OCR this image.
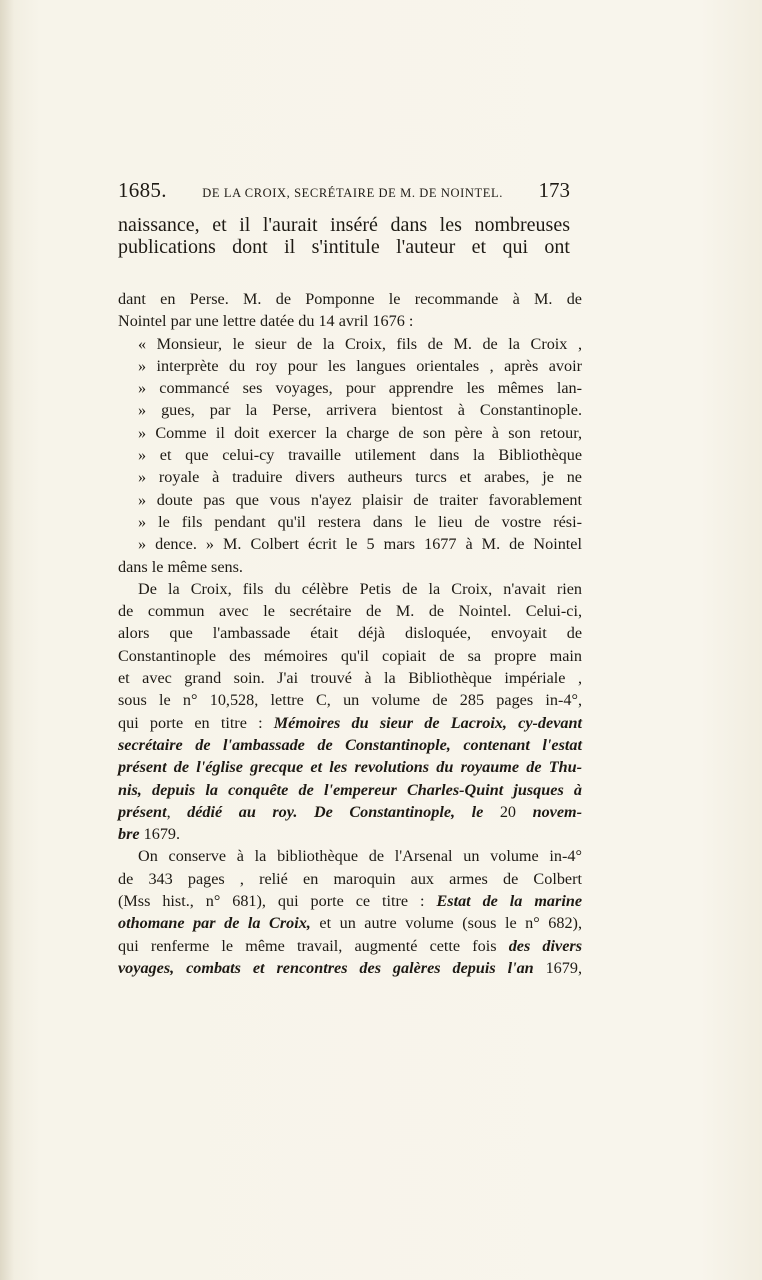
1685.	DE LA CROIX, SECRÉTAIRE DE M. DE NOINTEL. 173
naissance, et il l'aurait inséré dans les nombreuses
publications dont il s'intitule l'auteur et qui ont
dant en Perse. M. de Pomponne le recommande à M. de
Nointel par une lettre datée du 14 avril 1676 :
« Monsieur, le sieur de la Croix, fils de M. de la Croix ,
» interprète du roy pour les langues orientales , après avoir
» commancé ses voyages, pour apprendre les mêmes lan-
» gues, par la Perse, arrivera bientost à Constantinople.
» Comme il doit exercer la charge de son père à son retour,
» et que celui-cy travaille utilement dans la Bibliothèque
» royale à traduire divers autheurs turcs et arabes, je ne
» doute pas que vous n'ayez plaisir de traiter favorablement
» le fils pendant qu'il restera dans le lieu de vostre rési-
» dence. » M. Colbert écrit le 5 mars 1677 à M. de Nointel
dans le même sens.
De la Croix, fils du célèbre Petis de la Croix, n'avait rien
de commun avec le secrétaire de M. de Nointel. Celui-ci,
alors que l'ambassade était déjà disloquée, envoyait de
Constantinople des mémoires qu'il copiait de sa propre main
et avec grand soin. J'ai trouvé à la Bibliothèque impériale ,
sous le n° 10,528, lettre C, un volume de 285 pages in-4°,
qui porte en titre : Mémoires du sieur de Lacroix, cy-devant
secrétaire de l'ambassade de Constantinople, contenant l'estat
présent de l'église grecque et les revolutions du royaume de Thu-
nis, depuis la conquête de l'empereur Charles-Quint jusques à
présent, dédié au roy. De Constantinople, le 20 novem-
bre 1679.
On conserve à la bibliothèque de l'Arsenal un volume in-4°
de 343 pages , relié en maroquin aux armes de Colbert
(Mss hist., n° 681), qui porte ce titre : Estat de la marine
othomane par de la Croix, et un autre volume (sous le n° 682),
qui renferme le même travail, augmenté cette fois des divers
voyages, combats et rencontres des galères depuis l'an 1679,
